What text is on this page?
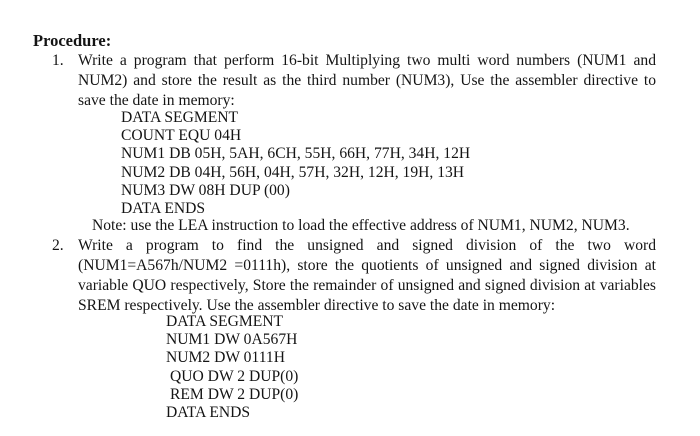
Procedure:
1. Write a program that perform 16-bit Multiplying two multi word numbers (NUM1 and NUM2) and store the result as the third number (NUM3), Use the assembler directive to save the date in memory:
DATA SEGMENT
COUNT EQU 04H
NUM1 DB 05H, 5AH, 6CH, 55H, 66H, 77H, 34H, 12H
NUM2 DB 04H, 56H, 04H, 57H, 32H, 12H, 19H, 13H
NUM3 DW 08H DUP (00)
DATA ENDS
Note: use the LEA instruction to load the effective address of NUM1, NUM2, NUM3.
2. Write a program to find the unsigned and signed division of the two word (NUM1=A567h/NUM2 =0111h), store the quotients of unsigned and signed division at variable QUO respectively, Store the remainder of unsigned and signed division at variables SREM respectively. Use the assembler directive to save the date in memory:
DATA SEGMENT
NUM1 DW 0A567H
NUM2 DW 0111H
QUO DW 2 DUP(0)
REM DW 2 DUP(0)
DATA ENDS
